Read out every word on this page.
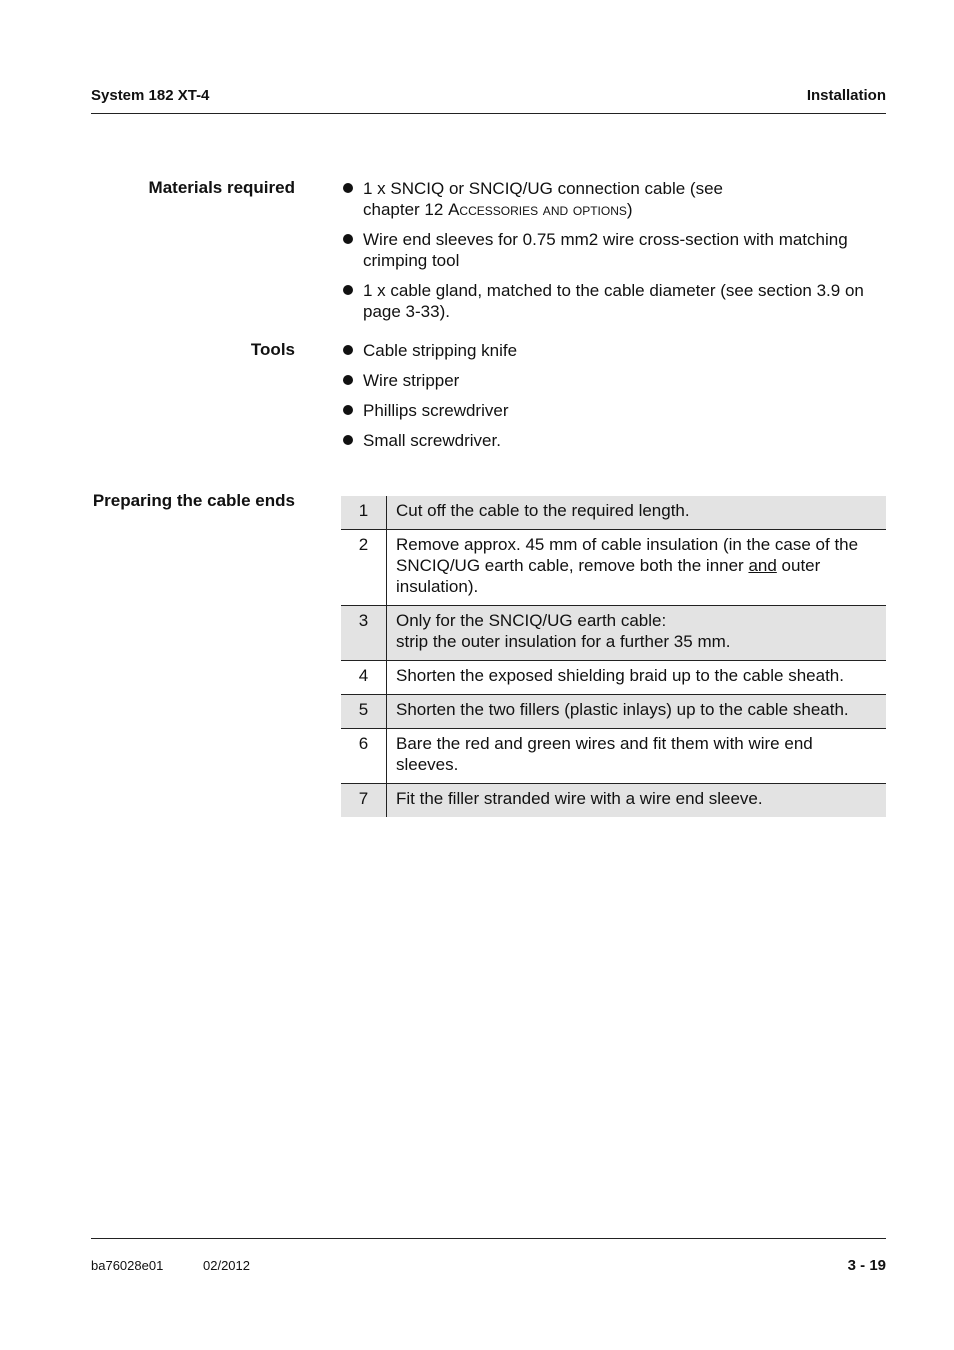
System 182 XT-4	Installation
Materials required	1 x SNCIQ or SNCIQ/UG connection cable (see
chapter 12 Accessories and options)
Wire end sleeves for 0.75 mm2 wire cross-section with matching crimping tool
1 x cable gland, matched to the cable diameter (see section 3.9 on page 3-33).
Tools	Cable stripping knife
Wire stripper
Phillips screwdriver
Small screwdriver.
Preparing the cable ends
1	Cut off the cable to the required length.
2	Remove approx. 45 mm of cable insulation (in the case of the SNCIQ/UG earth cable, remove both the inner and outer insulation).
3	Only for the SNCIQ/UG earth cable:
strip the outer insulation for a further 35 mm.
4	Shorten the exposed shielding braid up to the cable sheath.
5	Shorten the two fillers (plastic inlays) up to the cable sheath.
6	Bare the red and green wires and fit them with wire end sleeves.
7	Fit the filler stranded wire with a wire end sleeve.
ba76028e01	02/2012	3 - 19
